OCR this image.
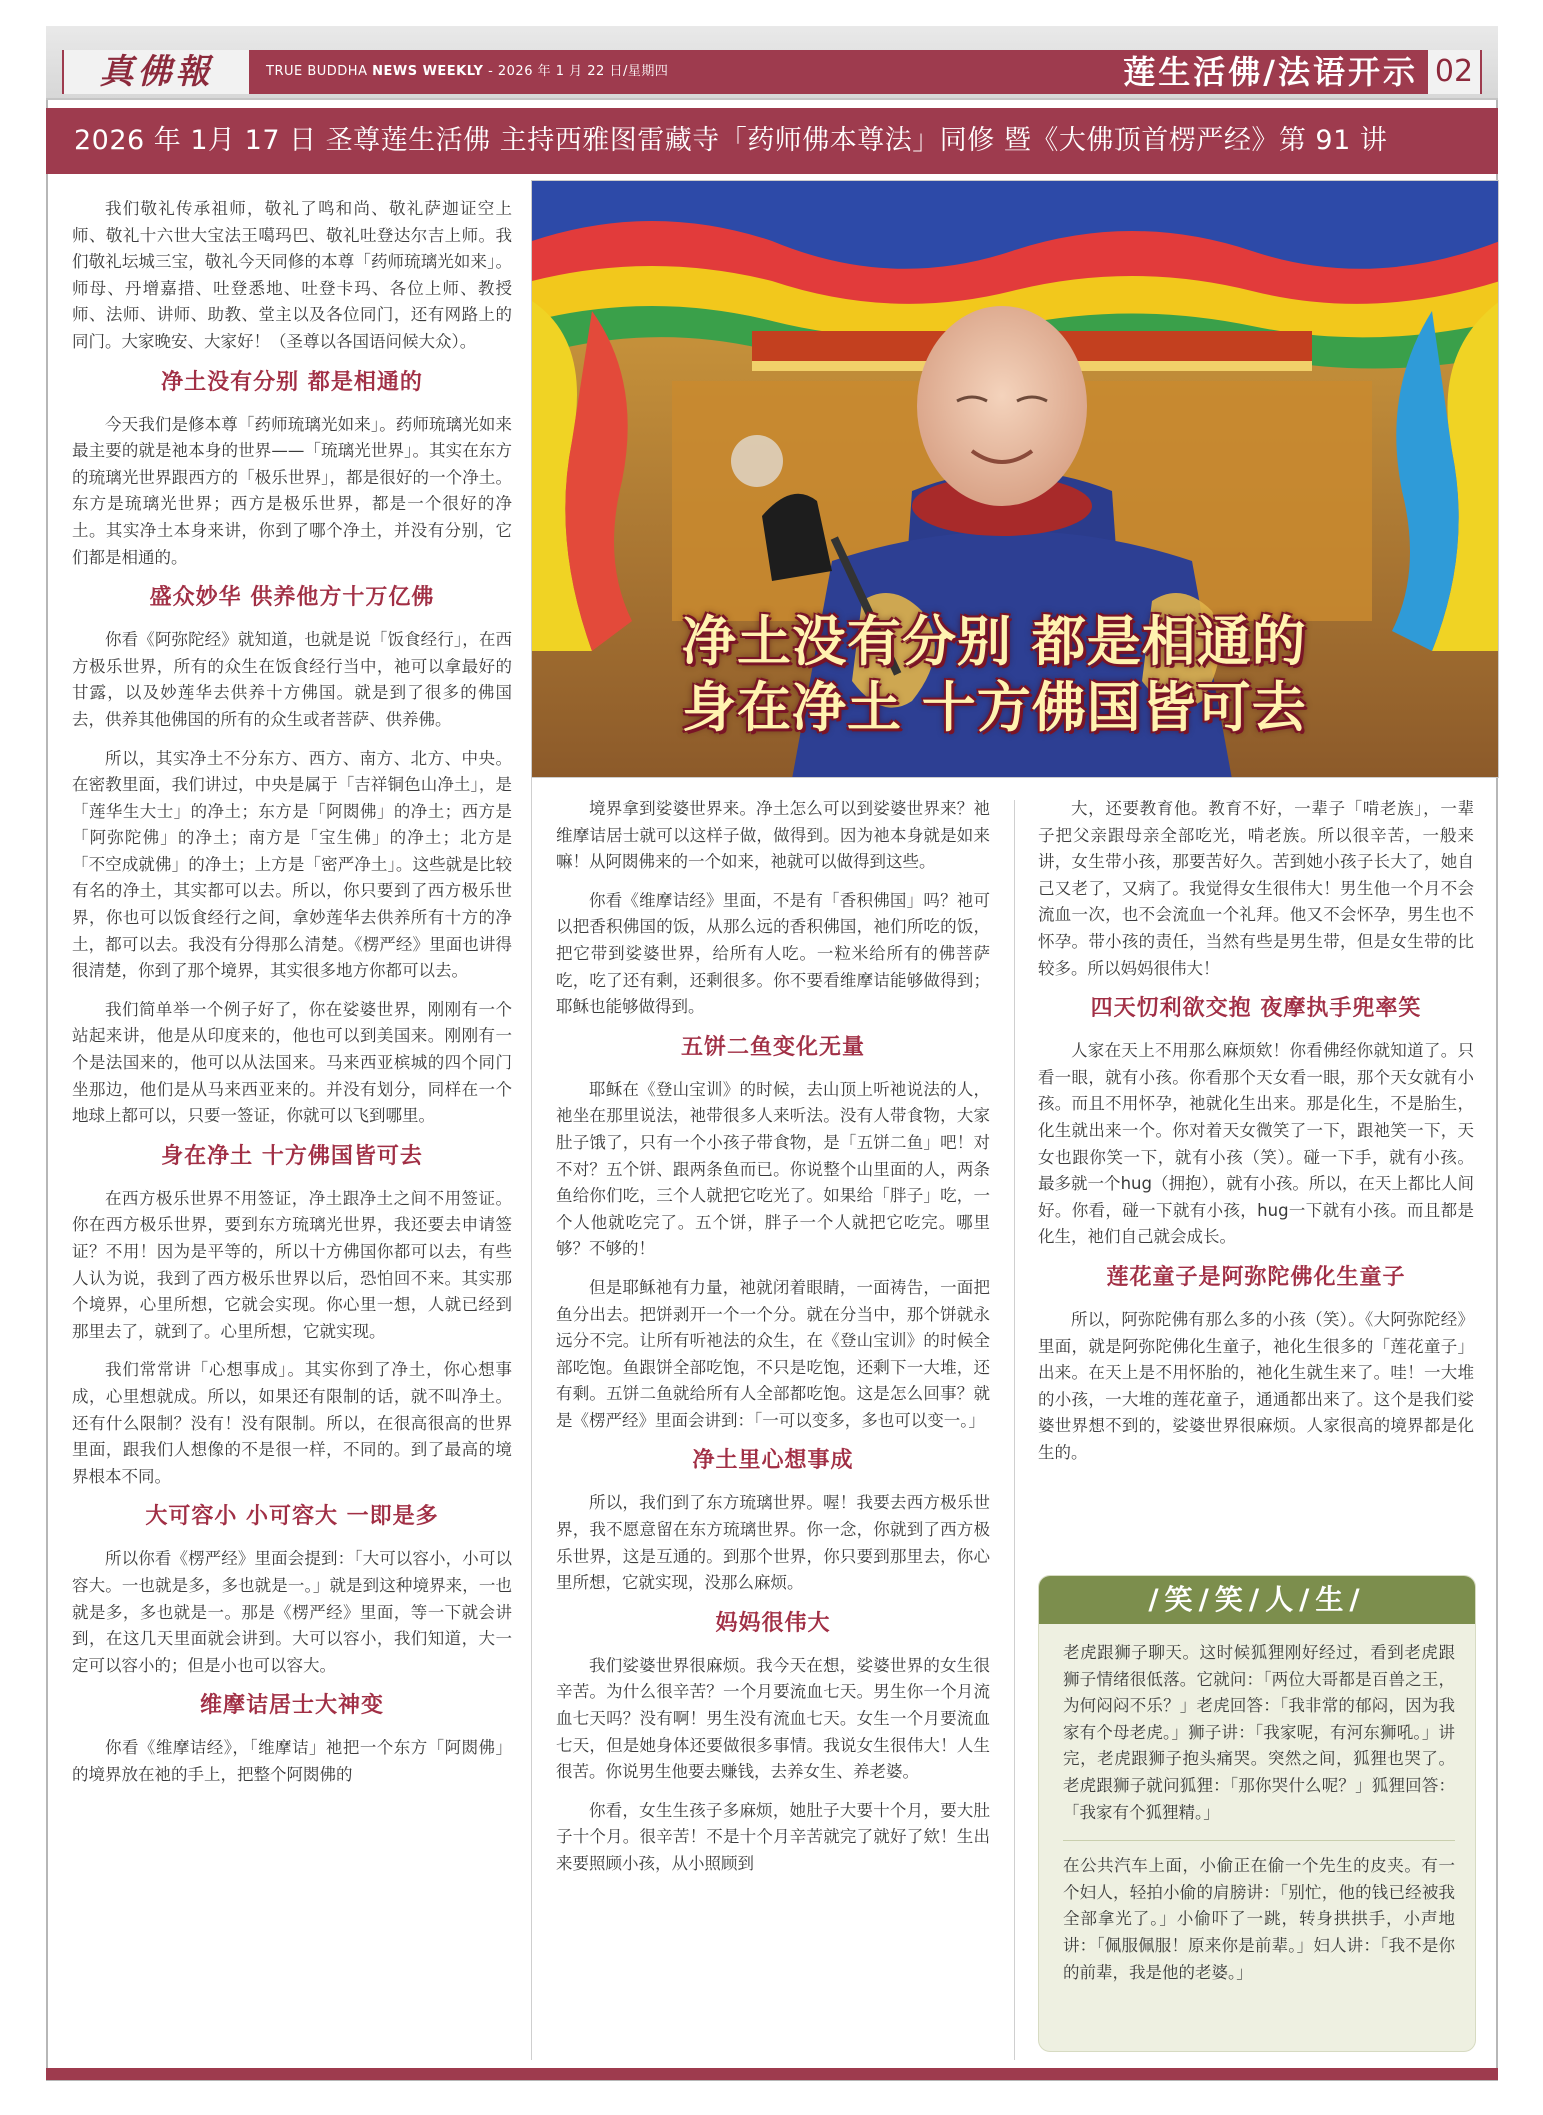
真佛報	TRUE BUDDHA NEWS WEEKLY - 2026 年 1 月 22 日/星期四	莲生活佛/法语开示 02
2026 年 1月 17 日 圣尊莲生活佛 主持西雅图雷藏寺「药师佛本尊法」同修 暨《大佛顶首楞严经》第 91 讲

我们敬礼传承祖师，敬礼了鸣和尚、敬礼萨迦证空上师、敬礼十六世大宝法王噶玛巴、敬礼吐登达尔吉上师。我们敬礼坛城三宝，敬礼今天同修的本尊「药师琉璃光如来」。师母、丹增嘉措、吐登悉地、吐登卡玛、各位上师、教授师、法师、讲师、助教、堂主以及各位同门，还有网路上的同门。大家晚安、大家好！（圣尊以各国语问候大众）。

净土没有分别 都是相通的

今天我们是修本尊「药师琉璃光如来」。药师琉璃光如来最主要的就是祂本身的世界——「琉璃光世界」。其实在东方的琉璃光世界跟西方的「极乐世界」，都是很好的一个净土。东方是琉璃光世界；西方是极乐世界，都是一个很好的净土。其实净土本身来讲，你到了哪个净土，并没有分别，它们都是相通的。

盛众妙华 供养他方十万亿佛

你看《阿弥陀经》就知道，也就是说「饭食经行」，在西方极乐世界，所有的众生在饭食经行当中，祂可以拿最好的甘露，以及妙莲华去供养十方佛国。就是到了很多的佛国去，供养其他佛国的所有的众生或者菩萨、供养佛。

所以，其实净土不分东方、西方、南方、北方、中央。在密教里面，我们讲过，中央是属于「吉祥铜色山净土」，是「莲华生大士」的净土；东方是「阿閦佛」的净土；西方是「阿弥陀佛」的净土；南方是「宝生佛」的净土；北方是「不空成就佛」的净土；上方是「密严净土」。这些就是比较有名的净土，其实都可以去。所以，你只要到了西方极乐世界，你也可以饭食经行之间，拿妙莲华去供养所有十方的净土，都可以去。我没有分得那么清楚。《楞严经》里面也讲得很清楚，你到了那个境界，其实很多地方你都可以去。

我们简单举一个例子好了，你在娑婆世界，刚刚有一个站起来讲，他是从印度来的，他也可以到美国来。刚刚有一个是法国来的，他可以从法国来。马来西亚槟城的四个同门坐那边，他们是从马来西亚来的。并没有划分，同样在一个地球上都可以，只要一签证，你就可以飞到哪里。

身在净土 十方佛国皆可去

在西方极乐世界不用签证，净土跟净土之间不用签证。你在西方极乐世界，要到东方琉璃光世界，我还要去申请签证？不用！因为是平等的，所以十方佛国你都可以去，有些人认为说，我到了西方极乐世界以后，恐怕回不来。其实那个境界，心里所想，它就会实现。你心里一想，人就已经到那里去了，就到了。心里所想，它就实现。

我们常常讲「心想事成」。其实你到了净土，你心想事成，心里想就成。所以，如果还有限制的话，就不叫净土。还有什么限制？没有！没有限制。所以，在很高很高的世界里面，跟我们人想像的不是很一样，不同的。到了最高的境界根本不同。

大可容小 小可容大 一即是多

所以你看《楞严经》里面会提到：「大可以容小，小可以容大。一也就是多，多也就是一。」就是到这种境界来，一也就是多，多也就是一。那是《楞严经》里面，等一下就会讲到，在这几天里面就会讲到。大可以容小，我们知道，大一定可以容小的；但是小也可以容大。

维摩诘居士大神变

你看《维摩诘经》，「维摩诘」祂把一个东方「阿閦佛」的境界放在祂的手上，把整个阿閦佛的

净土没有分别 都是相通的
身在净土 十方佛国皆可去

境界拿到娑婆世界来。净土怎么可以到娑婆世界来？祂维摩诘居士就可以这样子做，做得到。因为祂本身就是如来嘛！从阿閦佛来的一个如来，祂就可以做得到这些。

你看《维摩诘经》里面，不是有「香积佛国」吗？祂可以把香积佛国的饭，从那么远的香积佛国，祂们所吃的饭，把它带到娑婆世界，给所有人吃。一粒米给所有的佛菩萨吃，吃了还有剩，还剩很多。你不要看维摩诘能够做得到；耶稣也能够做得到。

五饼二鱼变化无量

耶稣在《登山宝训》的时候，去山顶上听祂说法的人，祂坐在那里说法，祂带很多人来听法。没有人带食物，大家肚子饿了，只有一个小孩子带食物，是「五饼二鱼」吧！对不对？五个饼、跟两条鱼而已。你说整个山里面的人，两条鱼给你们吃，三个人就把它吃光了。如果给「胖子」吃，一个人他就吃完了。五个饼，胖子一个人就把它吃完。哪里够？不够的！

但是耶稣祂有力量，祂就闭着眼睛，一面祷告，一面把鱼分出去。把饼剥开一个一个分。就在分当中，那个饼就永远分不完。让所有听祂法的众生，在《登山宝训》的时候全部吃饱。鱼跟饼全部吃饱，不只是吃饱，还剩下一大堆，还有剩。五饼二鱼就给所有人全部都吃饱。这是怎么回事？就是《楞严经》里面会讲到：「一可以变多，多也可以变一。」

净土里心想事成

所以，我们到了东方琉璃世界。喔！我要去西方极乐世界，我不愿意留在东方琉璃世界。你一念，你就到了西方极乐世界，这是互通的。到那个世界，你只要到那里去，你心里所想，它就实现，没那么麻烦。

妈妈很伟大

我们娑婆世界很麻烦。我今天在想，娑婆世界的女生很辛苦。为什么很辛苦？一个月要流血七天。男生你一个月流血七天吗？没有啊！男生没有流血七天。女生一个月要流血七天，但是她身体还要做很多事情。我说女生很伟大！人生很苦。你说男生他要去赚钱，去养女生、养老婆。

你看，女生生孩子多麻烦，她肚子大要十个月，要大肚子十个月。很辛苦！不是十个月辛苦就完了就好了欸！生出来要照顾小孩，从小照顾到

大，还要教育他。教育不好，一辈子「啃老族」，一辈子把父亲跟母亲全部吃光，啃老族。所以很辛苦，一般来讲，女生带小孩，那要苦好久。苦到她小孩子长大了，她自己又老了，又病了。我觉得女生很伟大！男生他一个月不会流血一次，也不会流血一个礼拜。他又不会怀孕，男生也不怀孕。带小孩的责任，当然有些是男生带，但是女生带的比较多。所以妈妈很伟大！

四天忉利欲交抱 夜摩执手兜率笑

人家在天上不用那么麻烦欸！你看佛经你就知道了。只看一眼，就有小孩。你看那个天女看一眼，那个天女就有小孩。而且不用怀孕，祂就化生出来。那是化生，不是胎生，化生就出来一个。你对着天女微笑了一下，跟祂笑一下，天女也跟你笑一下，就有小孩（笑）。碰一下手，就有小孩。最多就一个hug（拥抱），就有小孩。所以，在天上都比人间好。你看，碰一下就有小孩，hug一下就有小孩。而且都是化生，祂们自己就会成长。

莲花童子是阿弥陀佛化生童子

所以，阿弥陀佛有那么多的小孩（笑）。《大阿弥陀经》里面，就是阿弥陀佛化生童子，祂化生很多的「莲花童子」出来。在天上是不用怀胎的，祂化生就生来了。哇！一大堆的小孩，一大堆的莲花童子，通通都出来了。这个是我们娑婆世界想不到的，娑婆世界很麻烦。人家很高的境界都是化生的。

/笑/笑/人/生/

老虎跟狮子聊天。这时候狐狸刚好经过，看到老虎跟狮子情绪很低落。它就问：「两位大哥都是百兽之王，为何闷闷不乐？」老虎回答：「我非常的郁闷，因为我家有个母老虎。」狮子讲：「我家呢，有河东狮吼。」讲完，老虎跟狮子抱头痛哭。突然之间，狐狸也哭了。老虎跟狮子就问狐狸：「那你哭什么呢？」狐狸回答：「我家有个狐狸精。」

在公共汽车上面，小偷正在偷一个先生的皮夹。有一个妇人，轻拍小偷的肩膀讲：「别忙，他的钱已经被我全部拿光了。」小偷吓了一跳，转身拱拱手，小声地讲：「佩服佩服！原来你是前辈。」妇人讲：「我不是你的前辈，我是他的老婆。」
